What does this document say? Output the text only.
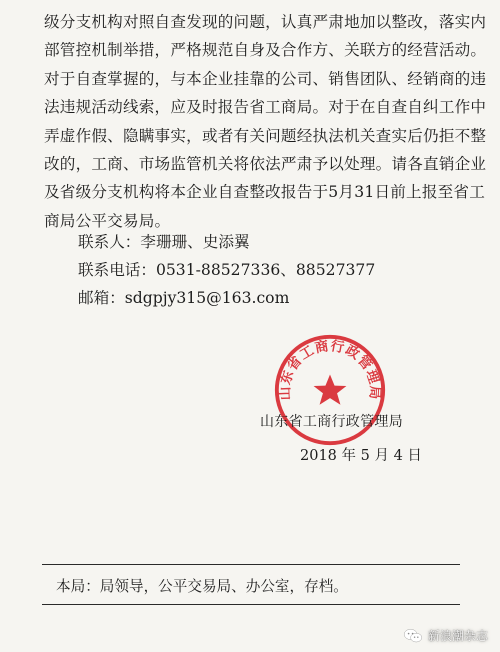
级分支机构对照自查发现的问题，认真严肃地加以整改，落实内
部管控机制举措，严格规范自身及合作方、关联方的经营活动。
对于自查掌握的，与本企业挂靠的公司、销售团队、经销商的违
法违规活动线索，应及时报告省工商局。对于在自查自纠工作中
弄虚作假、隐瞒事实，或者有关问题经执法机关查实后仍拒不整
改的，工商、市场监管机关将依法严肃予以处理。请各直销企业
及省级分支机构将本企业自查整改报告于5月31日前上报至省工
商局公平交易局。
联系人：李珊珊、史添翼
联系电话：0531-88527336、88527377
邮箱：sdgpjy315@163.com
山东省工商行政管理局
山东省工商行政管理局
2018 年 5 月 4 日
本局：局领导，公平交易局、办公室，存档。
新浪潮杂志
